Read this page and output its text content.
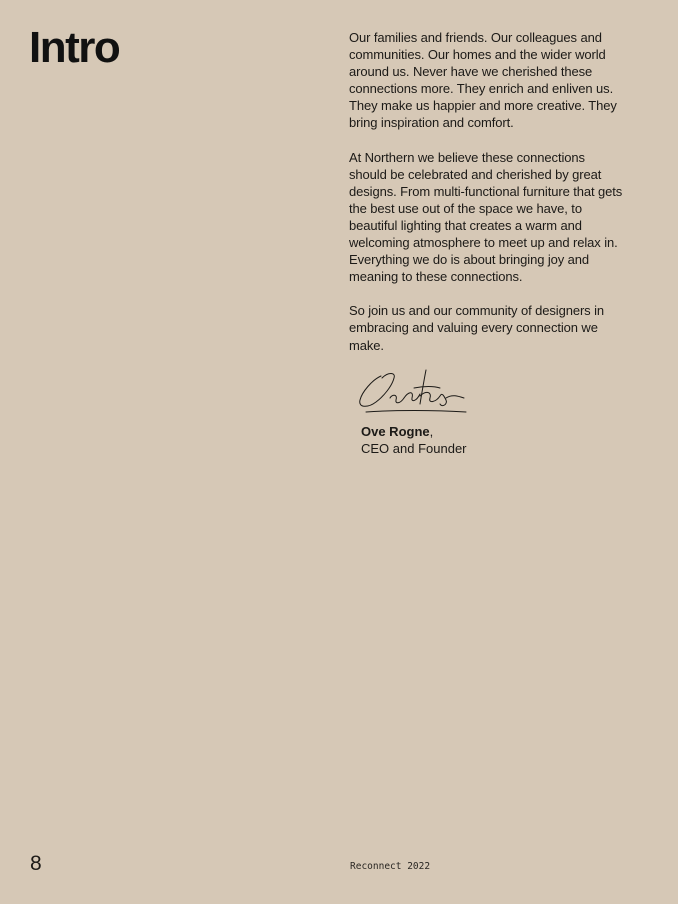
Intro	Our families and friends. Our colleagues and communities. Our homes and the wider world around us. Never have we cherished these connections more. They enrich and enliven us. They make us happier and more creative. They bring inspiration and comfort.

At Northern we believe these connections should be celebrated and cherished by great designs. From multi-functional furniture that gets the best use out of the space we have, to beautiful lighting that creates a warm and welcoming atmosphere to meet up and relax in. Everything we do is about bringing joy and meaning to these connections.

So join us and our community of designers in embracing and valuing every connection we make.

Ove Rogne,
CEO and Founder
8	Reconnect 2022
